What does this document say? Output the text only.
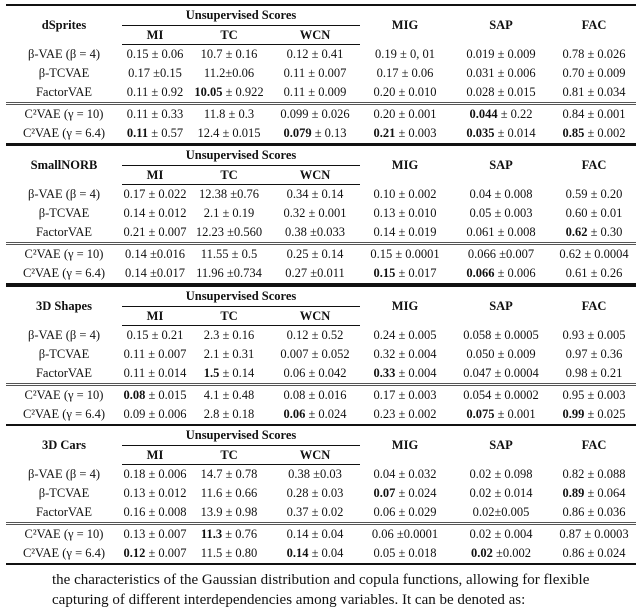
dSprites	Unsupervised Scores			MIG	SAP	FAC
	MI	TC	WCN			
β-VAE (β = 4)	0.15 ± 0.06	10.7 ± 0.16	0.12 ± 0.41	0.19 ± 0, 01	0.019 ± 0.009	0.78 ± 0.026
β-TCVAE	0.17 ±0.15	11.2±0.06	0.11 ± 0.007	0.17 ± 0.06	0.031 ± 0.006	0.70 ± 0.009
FactorVAE	0.11 ± 0.92	10.05 ± 0.922	0.11 ± 0.009	0.20 ± 0.010	0.028 ± 0.015	0.81 ± 0.034
C²VAE (γ = 10)	0.11 ± 0.33	11.8 ± 0.3	0.099 ± 0.026	0.20 ± 0.001	0.044 ± 0.22	0.84 ± 0.001
C²VAE (γ = 6.4)	0.11 ± 0.57	12.4 ± 0.015	0.079 ± 0.13	0.21 ± 0.003	0.035 ± 0.014	0.85 ± 0.002
SmallNORB	Unsupervised Scores			MIG	SAP	FAC
	MI	TC	WCN			
β-VAE (β = 4)	0.17 ± 0.022	12.38 ±0.76	0.34 ± 0.14	0.10 ± 0.002	0.04 ± 0.008	0.59 ± 0.20
β-TCVAE	0.14 ± 0.012	2.1 ± 0.19	0.32 ± 0.001	0.13 ± 0.010	0.05 ± 0.003	0.60 ± 0.01
FactorVAE	0.21 ± 0.007	12.23 ±0.560	0.38 ±0.033	0.14 ± 0.019	0.061 ± 0.008	0.62 ± 0.30
C²VAE (γ = 10)	0.14 ±0.016	11.55 ± 0.5	0.25 ± 0.14	0.15 ± 0.0001	0.066 ±0.007	0.62 ± 0.0004
C²VAE (γ = 6.4)	0.14 ±0.017	11.96 ±0.734	0.27 ±0.011	0.15 ± 0.017	0.066 ± 0.006	0.61 ± 0.26
3D Shapes	Unsupervised Scores			MIG	SAP	FAC
	MI	TC	WCN			
β-VAE (β = 4)	0.15 ± 0.21	2.3 ± 0.16	0.12 ± 0.52	0.24 ± 0.005	0.058 ± 0.0005	0.93 ± 0.005
β-TCVAE	0.11 ± 0.007	2.1 ± 0.31	0.007 ± 0.052	0.32 ± 0.004	0.050 ± 0.009	0.97 ± 0.36
FactorVAE	0.11 ± 0.014	1.5 ± 0.14	0.06 ± 0.042	0.33 ± 0.004	0.047 ± 0.0004	0.98 ± 0.21
C²VAE (γ = 10)	0.08 ± 0.015	4.1 ± 0.48	0.08 ± 0.016	0.17 ± 0.003	0.054 ± 0.0002	0.95 ± 0.003
C²VAE (γ = 6.4)	0.09 ± 0.006	2.8 ± 0.18	0.06 ± 0.024	0.23 ± 0.002	0.075 ± 0.001	0.99 ± 0.025
3D Cars	Unsupervised Scores			MIG	SAP	FAC
	MI	TC	WCN			
β-VAE (β = 4)	0.18 ± 0.006	14.7 ± 0.78	0.38 ±0.03	0.04 ± 0.032	0.02 ± 0.098	0.82 ± 0.088
β-TCVAE	0.13 ± 0.012	11.6 ± 0.66	0.28 ± 0.03	0.07 ± 0.024	0.02 ± 0.014	0.89 ± 0.064
FactorVAE	0.16 ± 0.008	13.9 ± 0.98	0.37 ± 0.02	0.06 ± 0.029	0.02±0.005	0.86 ± 0.036
C²VAE (γ = 10)	0.13 ± 0.007	11.3 ± 0.76	0.14 ± 0.04	0.06 ±0.0001	0.02 ± 0.004	0.87 ± 0.0003
C²VAE (γ = 6.4)	0.12 ± 0.007	11.5 ± 0.80	0.14 ± 0.04	0.05 ± 0.018	0.02 ±0.002	0.86 ± 0.024
the characteristics of the Gaussian distribution and copula functions, allowing for flexible
capturing of different interdependencies among variables. It can be denoted as:
